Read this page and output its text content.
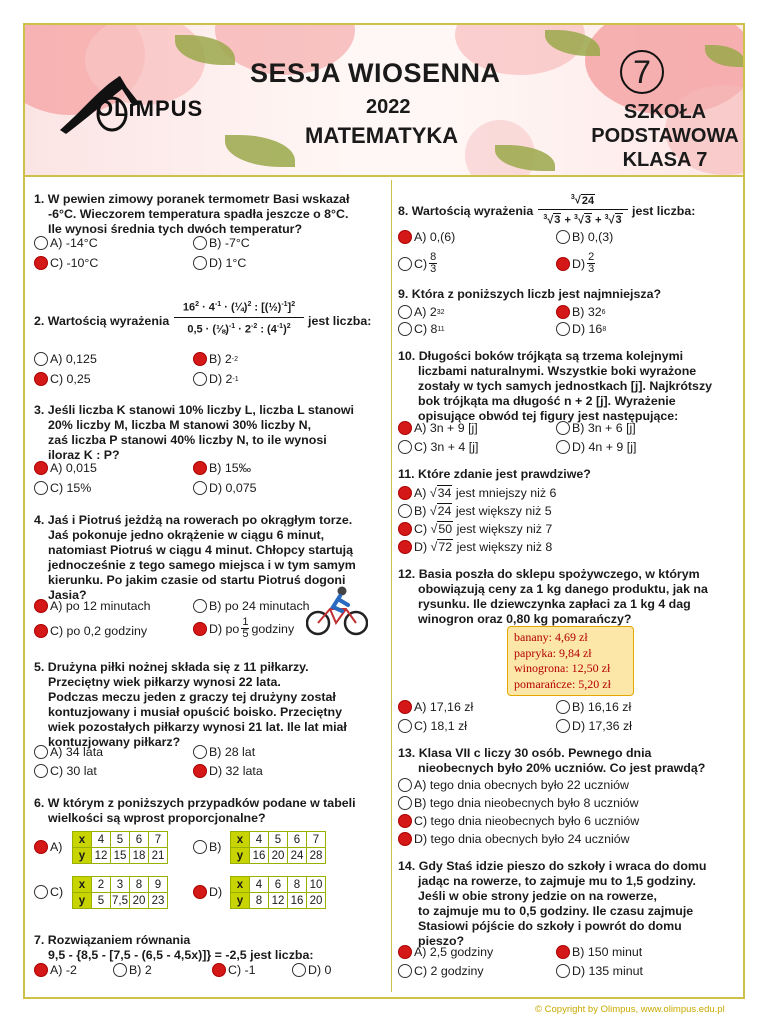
OLiMPUS
SESJA WIOSENNA
2022
MATEMATYKA
7
SZKOŁA
PODSTAWOWA
KLASA 7
1. W pewien zimowy poranek termometr Basi wskazał
-6°C. Wieczorem temperatura spadła jeszcze o 8°C.
Ile wynosi średnia tych dwóch temperatur?
A) -14°C	B) -7°C
C) -10°C	D) 1°C
2. Wartością wyrażenia
$16^2 \cdot 4^{-1}$ · (¼)$^2$ : [(½)$^{-1}$]$^2$
0,5 · (⅛)$^{-1}$ · $2^{-2}$ : $(4^{-1})^2$	jest liczba:
A) 0,125	B) 2 -2
C) 0,25	D) 2 -1
3. Jeśli liczba K stanowi 10% liczby L, liczba L stanowi
20% liczby M, liczba M stanowi 30% liczby N,
zaś liczba P stanowi 40% liczby N, to ile wynosi
iloraz K : P?
A) 0,015	B) 15‰
C) 15%	D) 0,075
4. Jaś i Piotruś jeżdżą na rowerach po okrągłym torze.
Jaś pokonuje jedno okrążenie w ciągu 6 minut,
natomiast Piotruś w ciągu 4 minut. Chłopcy startują
jednocześnie z tego samego miejsca i w tym samym
kierunku. Po jakim czasie od startu Piotruś dogoni
Jasia?
A) po 12 minutach	B) po 24 minutach
C) po 0,2 godziny	D) po $\frac{1}{5}$ godziny
5. Drużyna piłki nożnej składa się z 11 piłkarzy.
Przeciętny wiek piłkarzy wynosi 22 lata.
Podczas meczu jeden z graczy tej drużyny został
kontuzjowany i musiał opuścić boisko. Przeciętny
wiek pozostałych piłkarzy wynosi 21 lat. Ile lat miał
kontuzjowany piłkarz?
A) 34 lata	B) 28 lat
C) 30 lat	D) 32 lata
6. W którym z poniższych przypadków podane w tabeli
wielkości są wprost proporcjonalne?
A)
x	4	5	6	7
y	12	15	18	21
B)
x	4	5	6	7
y	16	20	24	28
C)
x	2	3	8	9
y	5	7,5	20	23
D)
x	4	6	8	10
y	8	12	16	20
7. Rozwiązaniem równania
9,5 - {8,5 - [7,5 - (6,5 - 4,5x)]} = -2,5 jest liczba:
A) -2	B) 2	C) -1	D) 0
8. Wartością wyrażenia
$^3$√24
$^3$√3 + $^3$√3 + $^3$√3
jest liczba:
A) 0,(6)	B) 0,(3)
$C) \frac{8}{3}$	$D) \frac{2}{3}$
9. Która z poniższych liczb jest najmniejsza?
A) 2 32	B) 32 6
C) 8 11	D) 16 8
10. Długości boków trójkąta są trzema kolejnymi
liczbami naturalnymi. Wszystkie boki wyrażone
zostały w tych samych jednostkach [j]. Najkrótszy
bok trójkąta ma długość n + 2 [j]. Wyrażenie
opisujące obwód tej figury jest następujące:
A) 3n + 9 [j]	B) 3n + 6 [j]
C) 3n + 4 [j]	D) 4n + 9 [j]
11. Które zdanie jest prawdziwe?
A) √ 34
jest mniejszy niż 6
B) √ 24
jest większy niż 5
C) √ 50
jest większy niż 7
D) √ 72
jest większy niż 8
12. Basia poszła do sklepu spożywczego, w którym
obowiązują ceny za 1 kg danego produktu, jak na
rysunku. Ile dziewczynka zapłaci za 1 kg 4 dag
winogron oraz 0,80 kg pomarańczy?
banany: 4,69 zł
papryka: 9,84 zł
winogrona: 12,50 zł
pomarańcze: 5,20 zł
A) 17,16 zł	B) 16,16 zł
C) 18,1 zł	D) 17,36 zł
13. Klasa VII c liczy 30 osób. Pewnego dnia
nieobecnych było 20% uczniów. Co jest prawdą?
A) tego dnia obecnych było 22 uczniów
B) tego dnia nieobecnych było 8 uczniów
C) tego dnia nieobecnych było 6 uczniów
D) tego dnia obecnych było 24 uczniów
14. Gdy Staś idzie pieszo do szkoły i wraca do domu
jadąc na rowerze, to zajmuje mu to 1,5 godziny.
Jeśli w obie strony jedzie on na rowerze,
to zajmuje mu to 0,5 godziny. Ile czasu zajmuje
Stasiowi pójście do szkoły i powrót do domu
pieszo?
A) 2,5 godziny	B) 150 minut
C) 2 godziny	D) 135 minut
© Copyright by Olimpus, www.olimpus.edu.pl
